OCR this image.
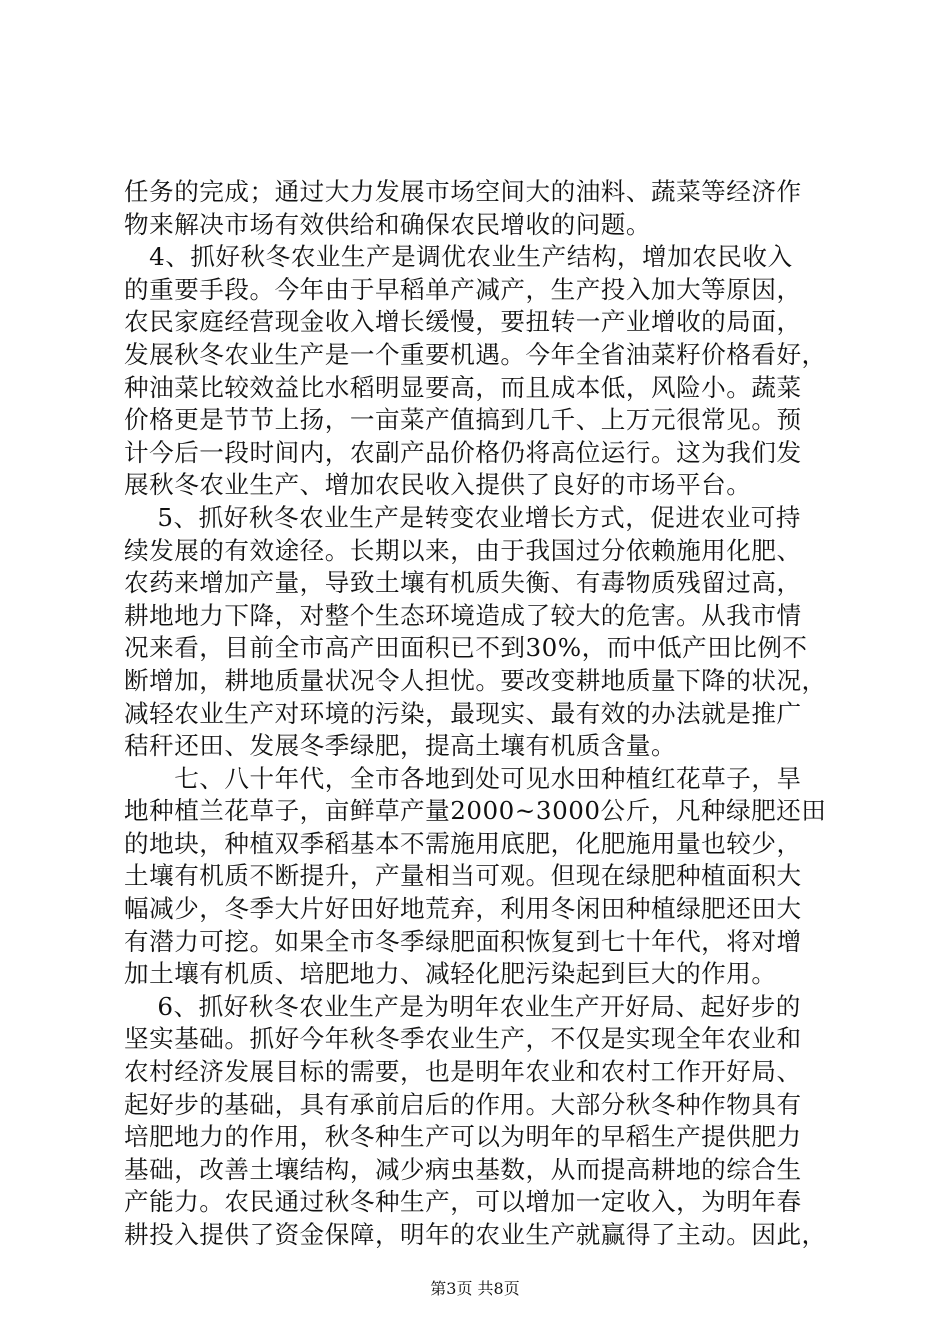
任务的完成；通过大力发展市场空间大的油料、蔬菜等经济作
物来解决市场有效供给和确保农民增收的问题。
　4、抓好秋冬农业生产是调优农业生产结构，增加农民收入
的重要手段。今年由于早稻单产减产，生产投入加大等原因，
农民家庭经营现金收入增长缓慢，要扭转一产业增收的局面，
发展秋冬农业生产是一个重要机遇。今年全省油菜籽价格看好，
种油菜比较效益比水稻明显要高，而且成本低，风险小。蔬菜
价格更是节节上扬，一亩菜产值搞到几千、上万元很常见。预
计今后一段时间内，农副产品价格仍将高位运行。这为我们发
展秋冬农业生产、增加农民收入提供了良好的市场平台。
　 5、抓好秋冬农业生产是转变农业增长方式，促进农业可持
续发展的有效途径。长期以来，由于我国过分依赖施用化肥、
农药来增加产量，导致土壤有机质失衡、有毒物质残留过高，
耕地地力下降，对整个生态环境造成了较大的危害。从我市情
况来看，目前全市高产田面积已不到30%，而中低产田比例不
断增加，耕地质量状况令人担忧。要改变耕地质量下降的状况，
减轻农业生产对环境的污染，最现实、最有效的办法就是推广
秸秆还田、发展冬季绿肥，提高土壤有机质含量。
　　七、八十年代，全市各地到处可见水田种植红花草子，旱
地种植兰花草子，亩鲜草产量2000~3000公斤，凡种绿肥还田
的地块，种植双季稻基本不需施用底肥，化肥施用量也较少，
土壤有机质不断提升，产量相当可观。但现在绿肥种植面积大
幅减少，冬季大片好田好地荒弃，利用冬闲田种植绿肥还田大
有潜力可挖。如果全市冬季绿肥面积恢复到七十年代，将对增
加土壤有机质、培肥地力、减轻化肥污染起到巨大的作用。
　 6、抓好秋冬农业生产是为明年农业生产开好局、起好步的
坚实基础。抓好今年秋冬季农业生产，不仅是实现全年农业和
农村经济发展目标的需要，也是明年农业和农村工作开好局、
起好步的基础，具有承前启后的作用。大部分秋冬种作物具有
培肥地力的作用，秋冬种生产可以为明年的早稻生产提供肥力
基础，改善土壤结构，减少病虫基数，从而提高耕地的综合生
产能力。农民通过秋冬种生产，可以增加一定收入，为明年春
耕投入提供了资金保障，明年的农业生产就赢得了主动。因此，
第3页 共8页
